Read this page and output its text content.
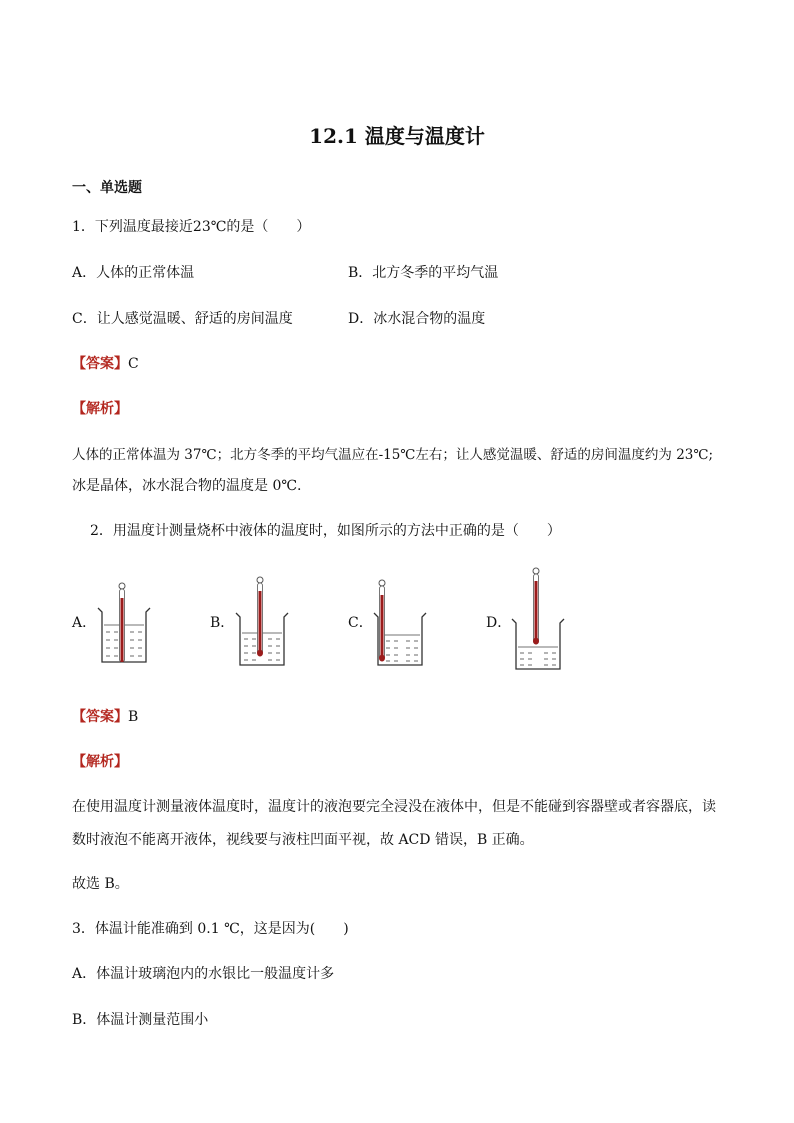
12.1 温度与温度计
一、单选题
1．下列温度最接近23℃的是（　　）
A．人体的正常体温	B．北方冬季的平均气温
C．让人感觉温暖、舒适的房间温度	D．冰水混合物的温度
【答案】C
【解析】
人体的正常体温为 37℃；北方冬季的平均气温应在-15℃左右；让人感觉温暖、舒适的房间温度约为 23℃;
冰是晶体，冰水混合物的温度是 0℃.
2．用温度计测量烧杯中液体的温度时，如图所示的方法中正确的是（　　）
A．	B．	C．	D．
【答案】B
【解析】
在使用温度计测量液体温度时，温度计的液泡要完全浸没在液体中，但是不能碰到容器壁或者容器底，读
数时液泡不能离开液体，视线要与液柱凹面平视，故 ACD 错误，B 正确。
故选 B。
3．体温计能准确到 0.1 ℃，这是因为(　　)
A．体温计玻璃泡内的水银比一般温度计多
B．体温计测量范围小
